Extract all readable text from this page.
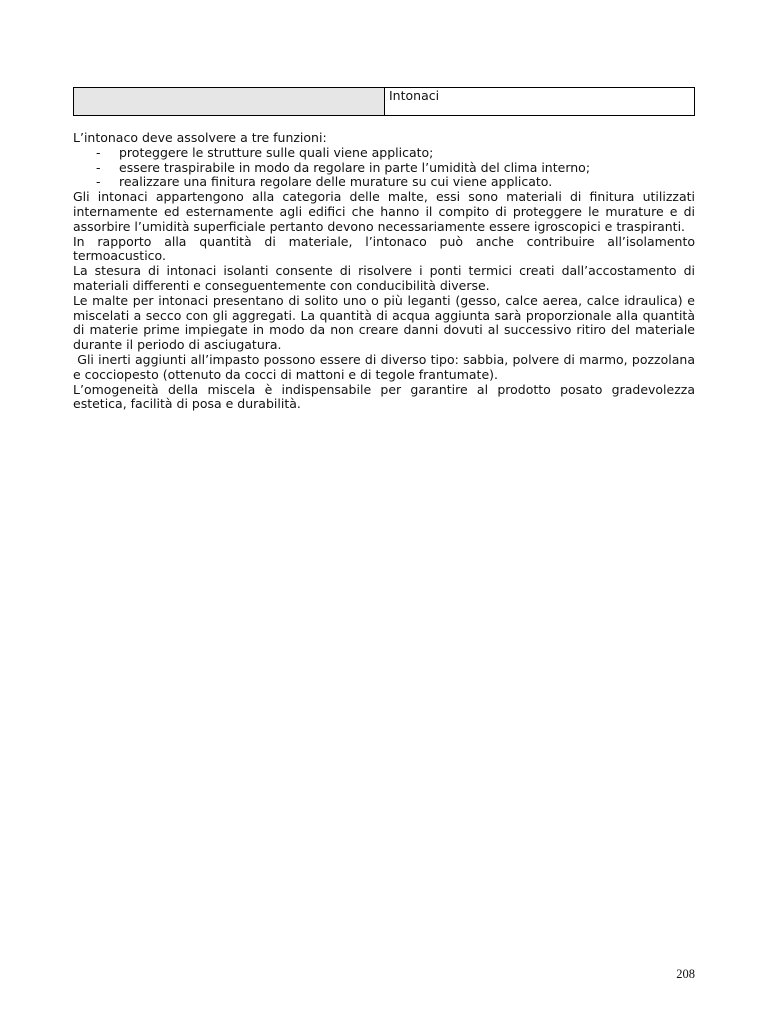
Intonaci

L’intonaco deve assolvere a tre funzioni:

- proteggere le strutture sulle quali viene applicato;
- essere traspirabile in modo da regolare in parte l’umidità del clima interno;
- realizzare una finitura regolare delle murature su cui viene applicato.

Gli intonaci appartengono alla categoria delle malte, essi sono materiali di finitura utilizzati internamente ed esternamente agli edifici che hanno il compito di proteggere le murature e di assorbire l’umidità superficiale pertanto devono necessariamente essere igroscopici e traspiranti.

In rapporto alla quantità di materiale, l’intonaco può anche contribuire all’isolamento termoacustico.

La stesura di intonaci isolanti consente di risolvere i ponti termici creati dall’accostamento di materiali differenti e conseguentemente con conducibilità diverse.

Le malte per intonaci presentano di solito uno o più leganti (gesso, calce aerea, calce idraulica) e miscelati a secco con gli aggregati. La quantità di acqua aggiunta sarà proporzionale alla quantità di materie prime impiegate in modo da non creare danni dovuti al successivo ritiro del materiale durante il periodo di asciugatura.

Gli inerti aggiunti all’impasto possono essere di diverso tipo: sabbia, polvere di marmo, pozzolana e cocciopesto (ottenuto da cocci di mattoni e di tegole frantumate).

L’omogeneità della miscela è indispensabile per garantire al prodotto posato gradevolezza estetica, facilità di posa e durabilità.

208
